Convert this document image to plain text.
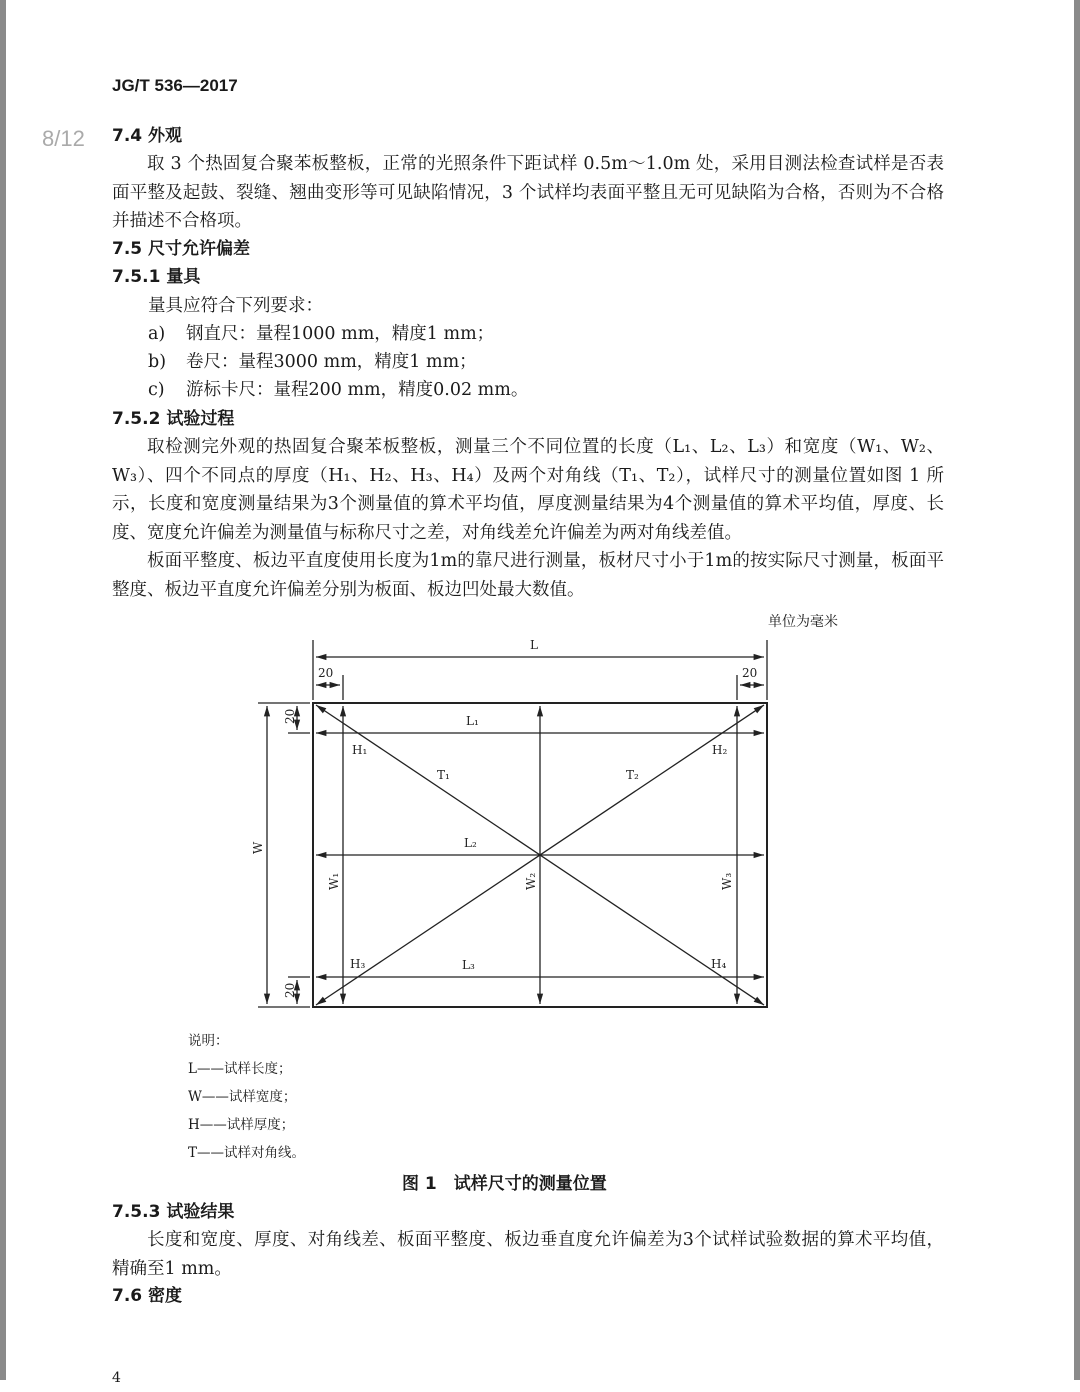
JG/T 536—2017
8/12 7.4 外观

取 3 个热固复合聚苯板整板，正常的光照条件下距试样 0.5m～1.0m 处，采用目测法检查试样是否表面平整及起鼓、裂缝、翘曲变形等可见缺陷情况，3 个试样均表面平整且无可见缺陷为合格，否则为不合格并描述不合格项。

7.5 尺寸允许偏差
7.5.1 量具
量具应符合下列要求：
a) 钢直尺：量程1000 mm，精度1 mm；
b) 卷尺：量程3000 mm，精度1 mm；
c) 游标卡尺：量程200 mm，精度0.02 mm。
7.5.2 试验过程

取检测完外观的热固复合聚苯板整板，测量三个不同位置的长度（L₁、L₂、L₃）和宽度（W₁、W₂、W₃）、四个不同点的厚度（H₁、H₂、H₃、H₄）及两个对角线（T₁、T₂），试样尺寸的测量位置如图 1 所示，长度和宽度测量结果为3个测量值的算术平均值，厚度测量结果为4个测量值的算术平均值，厚度、长度、宽度允许偏差为测量值与标称尺寸之差，对角线差允许偏差为两对角线差值。

板面平整度、板边平直度使用长度为1m的靠尺进行测量，板材尺寸小于1m的按实际尺寸测量，板面平整度、板边平直度允许偏差分别为板面、板边凹处最大数值。

单位为毫米
L
20	20
W
20
20
L₁
L₂
L₃
H₁	H₂
H₃	H₄
T₁	T₂
W₁	W₂	W₃
说明：
L——试样长度；
W——试样宽度；
H——试样厚度；
T——试样对角线。
图 1　试样尺寸的测量位置
7.5.3 试验结果

长度和宽度、厚度、对角线差、板面平整度、板边垂直度允许偏差为3个试样试验数据的算术平均值，精确至1 mm。

7.6 密度
4
